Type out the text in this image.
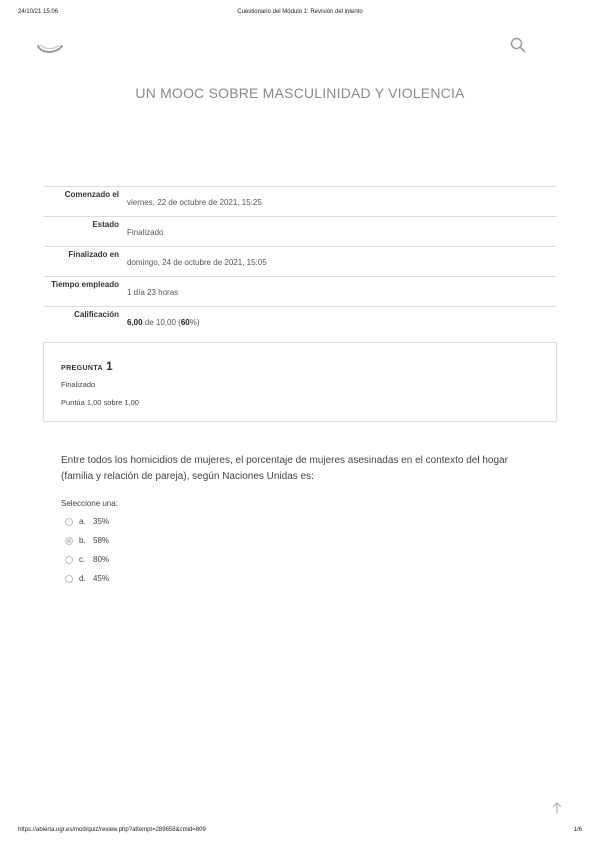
24/10/21 15:06	Cuestionario del Módulo 1: Revisión del intento
UN MOOC SOBRE MASCULINIDAD Y VIOLENCIA
Comenzado el	viernes, 22 de octubre de 2021, 15:25
Estado	Finalizado
Finalizado en	domingo, 24 de octubre de 2021, 15:05
Tiempo empleado	1 día 23 horas
Calificación	6,00 de 10,00 (60%)
PREGUNTA 1
Finalizado
Puntúa 1,00 sobre 1,00
Entre todos los homicidios de mujeres, el porcentaje de mujeres asesinadas en el contexto del hogar (familia y relación de pareja), según Naciones Unidas es:
Seleccione una:
a. 35%
b. 58%
c. 80%
d. 45%
https://abierta.ugr.es/mod/quiz/review.php?attempt=289658&cmid=809	1/6
